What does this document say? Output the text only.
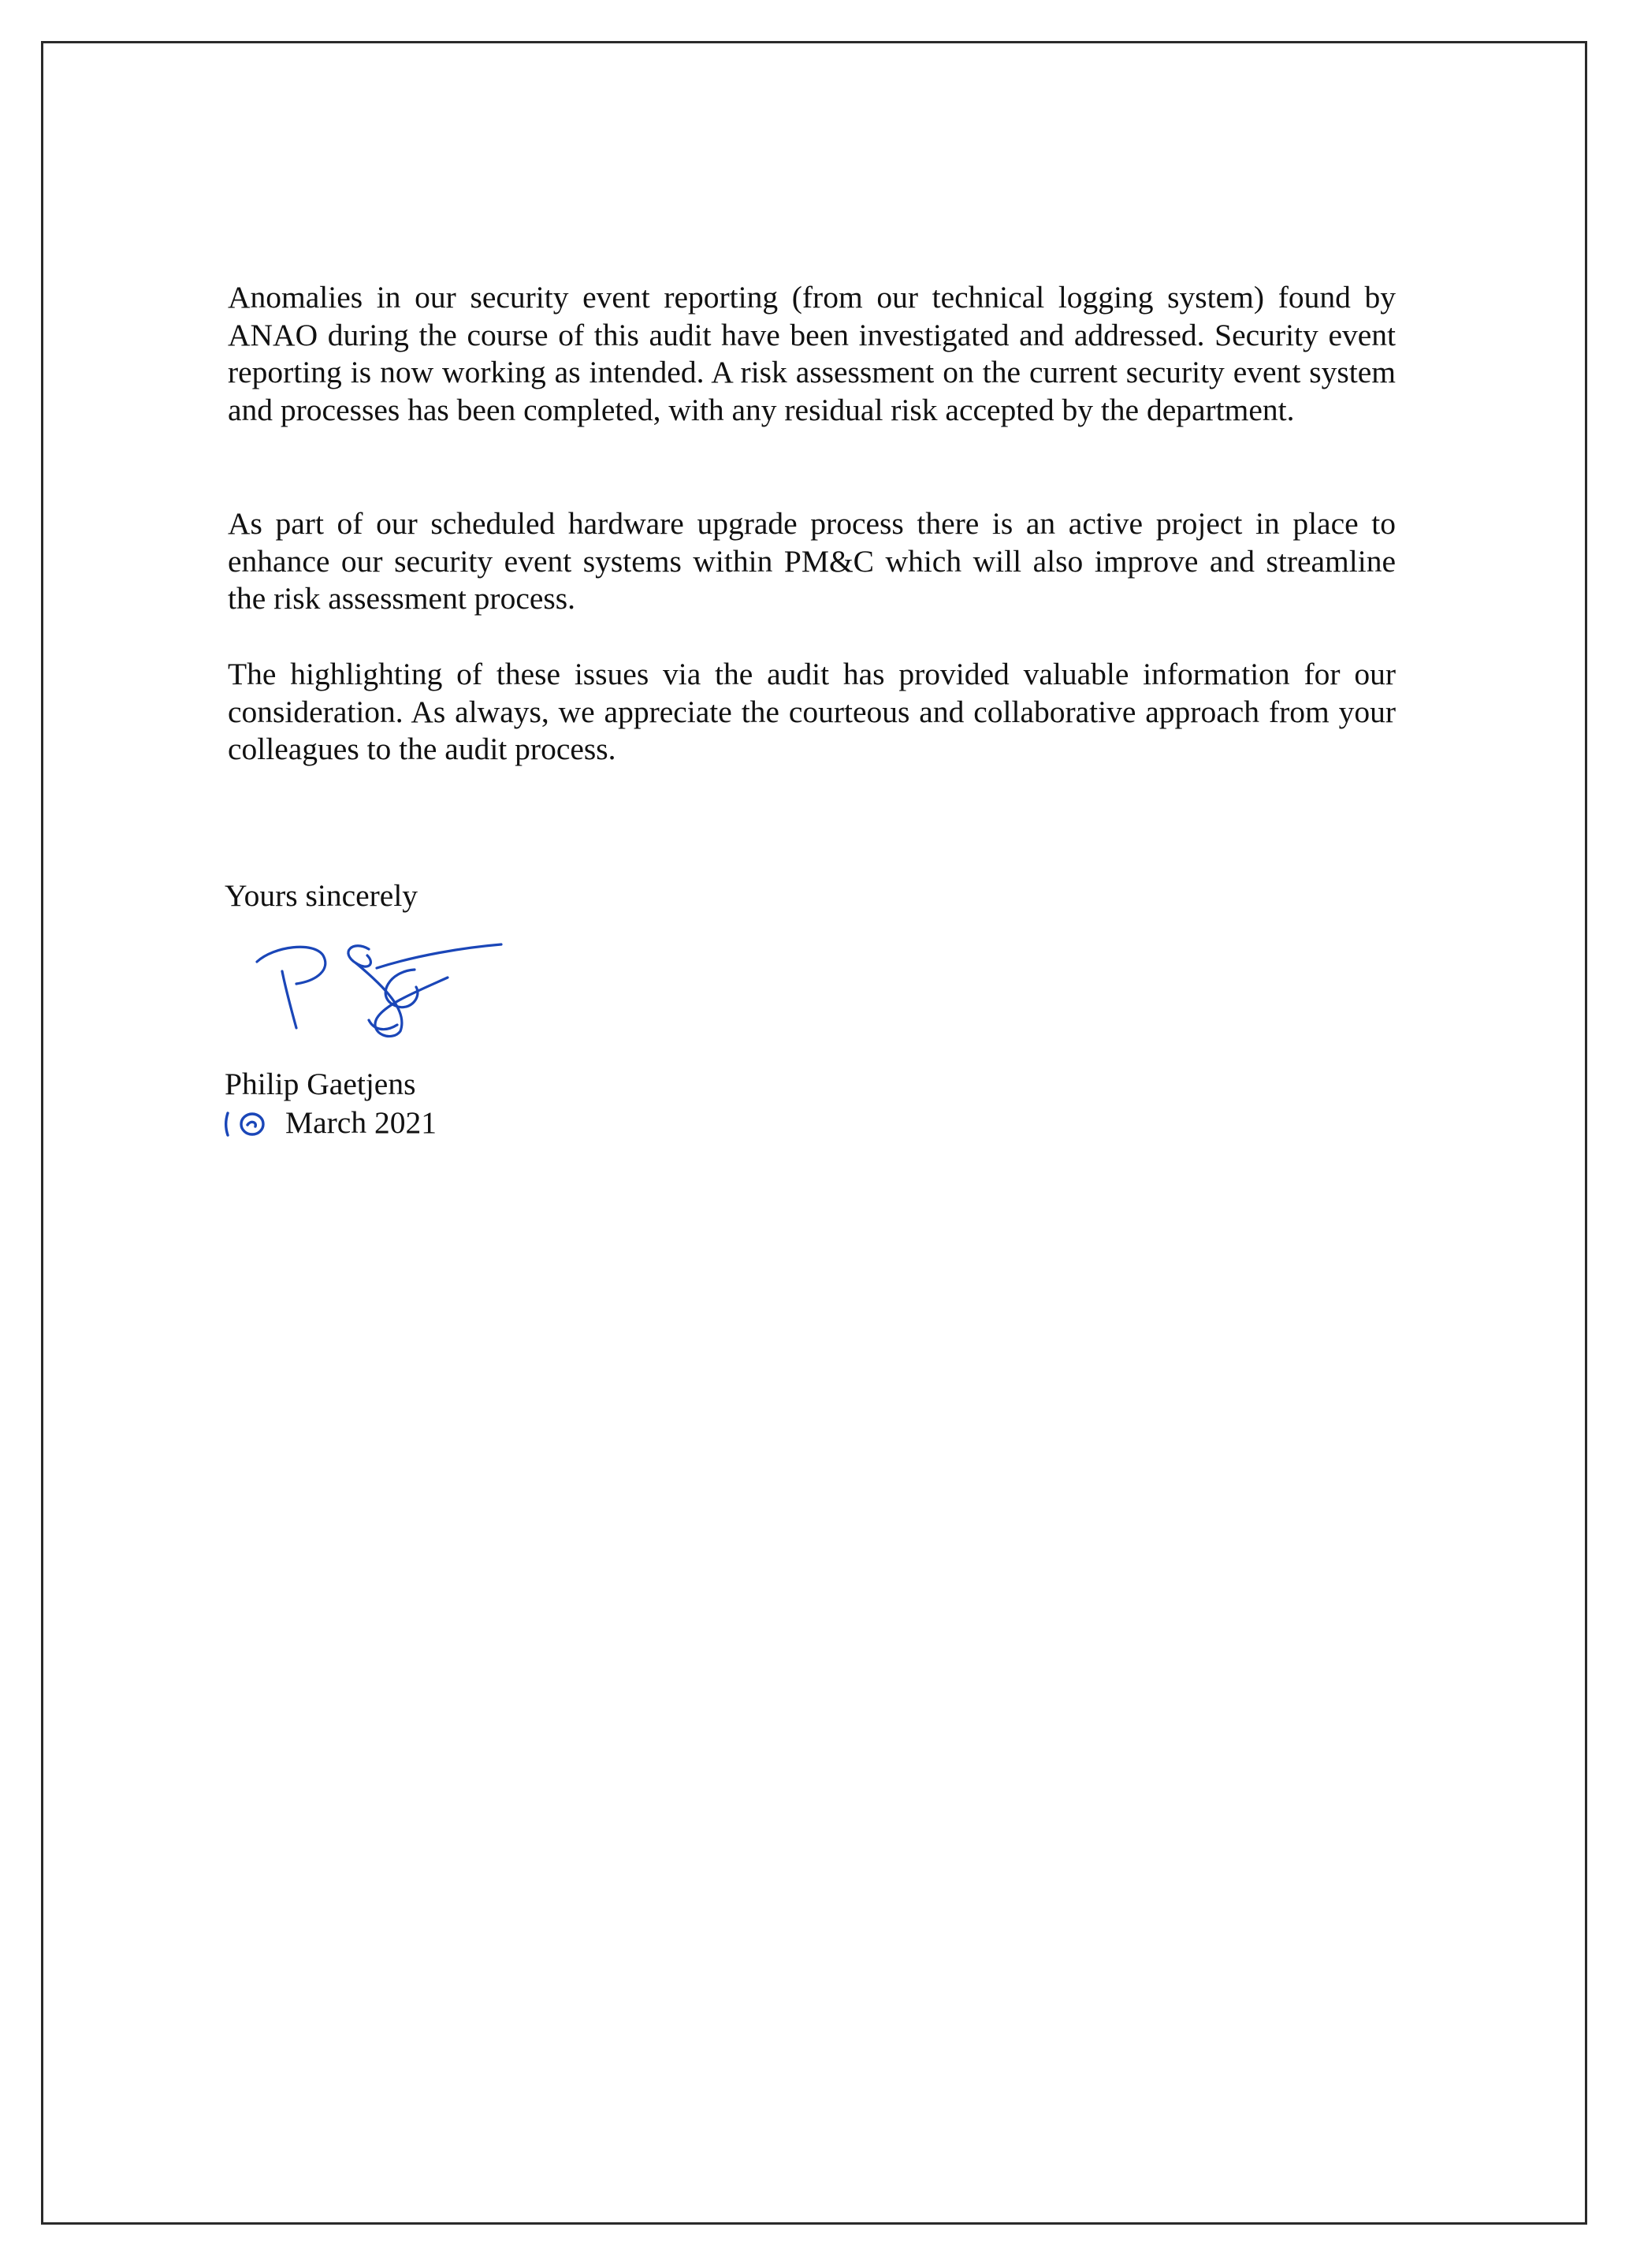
Anomalies in our security event reporting (from our technical logging system) found by ANAO during the course of this audit have been investigated and addressed. Security event reporting is now working as intended. A risk assessment on the current security event system and processes has been completed, with any residual risk accepted by the department.

As part of our scheduled hardware upgrade process there is an active project in place to enhance our security event systems within PM&C which will also improve and streamline the risk assessment process.

The highlighting of these issues via the audit has provided valuable information for our consideration. As always, we appreciate the courteous and collaborative approach from your colleagues to the audit process.

Yours sincerely

Philip Gaetjens

March 2021
